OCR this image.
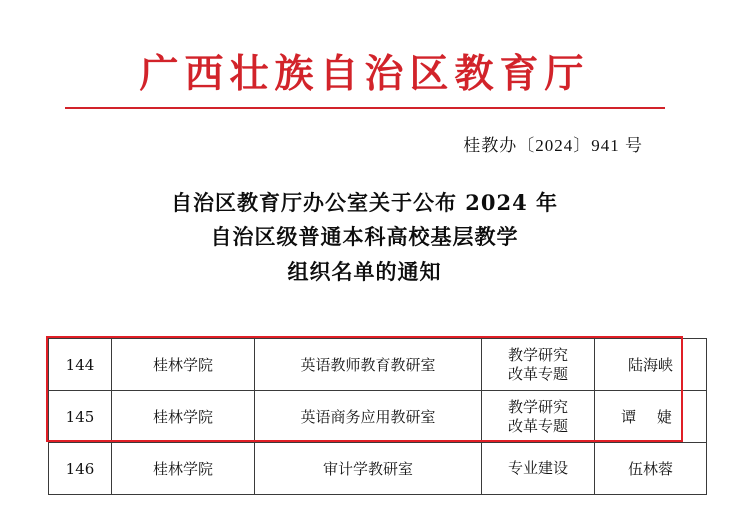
广西壮族自治区教育厅
桂教办〔2024〕941 号
自治区教育厅办公室关于公布 2024 年
自治区级普通本科高校基层教学
组织名单的通知
144	桂林学院	英语教师教育教研室	教学研究
改革专题	陆海峡
145	桂林学院	英语商务应用教研室	教学研究
改革专题	谭 婕
146	桂林学院	审计学教研室	专业建设	伍林蓉
